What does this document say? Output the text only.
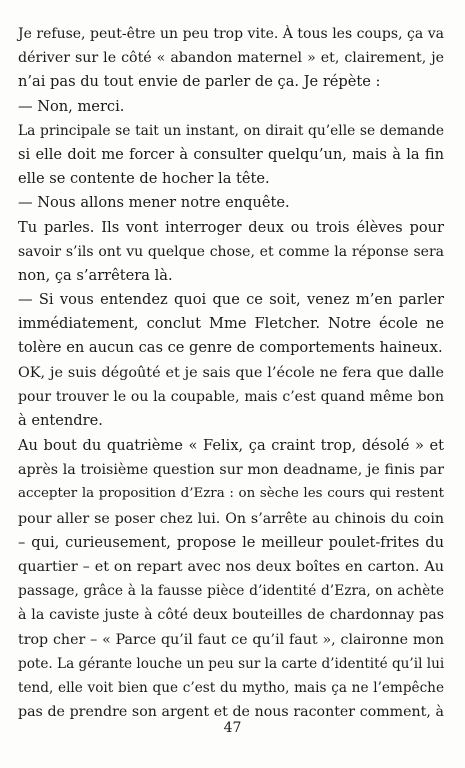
Je refuse, peut-être un peu trop vite. À tous les coups, ça va
dériver sur le côté « abandon maternel » et, clairement, je
n’ai pas du tout envie de parler de ça. Je répète :
— Non, merci.
La principale se tait un instant, on dirait qu’elle se demande
si elle doit me forcer à consulter quelqu’un, mais à la fin
elle se contente de hocher la tête.
— Nous allons mener notre enquête.
Tu parles. Ils vont interroger deux ou trois élèves pour
savoir s’ils ont vu quelque chose, et comme la réponse sera
non, ça s’arrêtera là.
— Si vous entendez quoi que ce soit, venez m’en parler
immédiatement, conclut Mme Fletcher. Notre école ne
tolère en aucun cas ce genre de comportements haineux.
OK, je suis dégoûté et je sais que l’école ne fera que dalle
pour trouver le ou la coupable, mais c’est quand même bon
à entendre.
Au bout du quatrième « Felix, ça craint trop, désolé » et
après la troisième question sur mon deadname, je finis par
accepter la proposition d’Ezra : on sèche les cours qui restent
pour aller se poser chez lui. On s’arrête au chinois du coin
– qui, curieusement, propose le meilleur poulet-frites du
quartier – et on repart avec nos deux boîtes en carton. Au
passage, grâce à la fausse pièce d’identité d’Ezra, on achète
à la caviste juste à côté deux bouteilles de chardonnay pas
trop cher – « Parce qu’il faut ce qu’il faut », claironne mon
pote. La gérante louche un peu sur la carte d’identité qu’il lui
tend, elle voit bien que c’est du mytho, mais ça ne l’empêche
pas de prendre son argent et de nous raconter comment, à
47
